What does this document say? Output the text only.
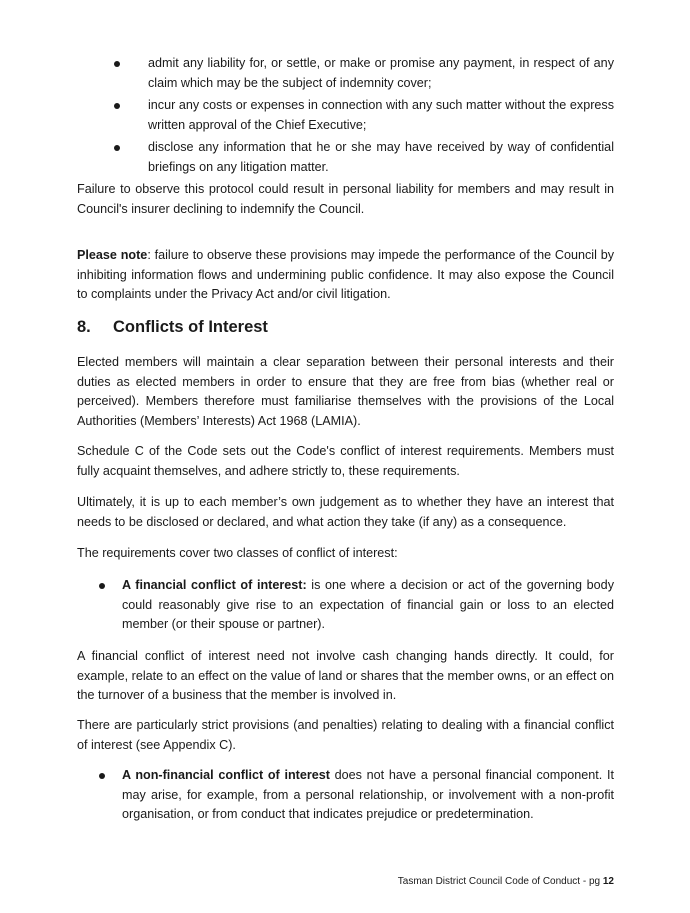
admit any liability for, or settle, or make or promise any payment, in respect of any claim which may be the subject of indemnity cover;

incur any costs or expenses in connection with any such matter without the express written approval of the Chief Executive;

disclose any information that he or she may have received by way of confidential briefings on any litigation matter.

Failure to observe this protocol could result in personal liability for members and may result in Council's insurer declining to indemnify the Council.

Please note: failure to observe these provisions may impede the performance of the Council by inhibiting information flows and undermining public confidence. It may also expose the Council to complaints under the Privacy Act and/or civil litigation.

8. Conflicts of Interest

Elected members will maintain a clear separation between their personal interests and their duties as elected members in order to ensure that they are free from bias (whether real or perceived). Members therefore must familiarise themselves with the provisions of the Local Authorities (Members’ Interests) Act 1968 (LAMIA).

Schedule C of the Code sets out the Code's conflict of interest requirements. Members must fully acquaint themselves, and adhere strictly to, these requirements.

Ultimately, it is up to each member’s own judgement as to whether they have an interest that needs to be disclosed or declared, and what action they take (if any) as a consequence.

The requirements cover two classes of conflict of interest:

A financial conflict of interest: is one where a decision or act of the governing body could reasonably give rise to an expectation of financial gain or loss to an elected member (or their spouse or partner).

A financial conflict of interest need not involve cash changing hands directly. It could, for example, relate to an effect on the value of land or shares that the member owns, or an effect on the turnover of a business that the member is involved in.

There are particularly strict provisions (and penalties) relating to dealing with a financial conflict of interest (see Appendix C).

A non-financial conflict of interest does not have a personal financial component. It may arise, for example, from a personal relationship, or involvement with a non-profit organisation, or from conduct that indicates prejudice or predetermination.

Tasman District Council Code of Conduct - pg 12
